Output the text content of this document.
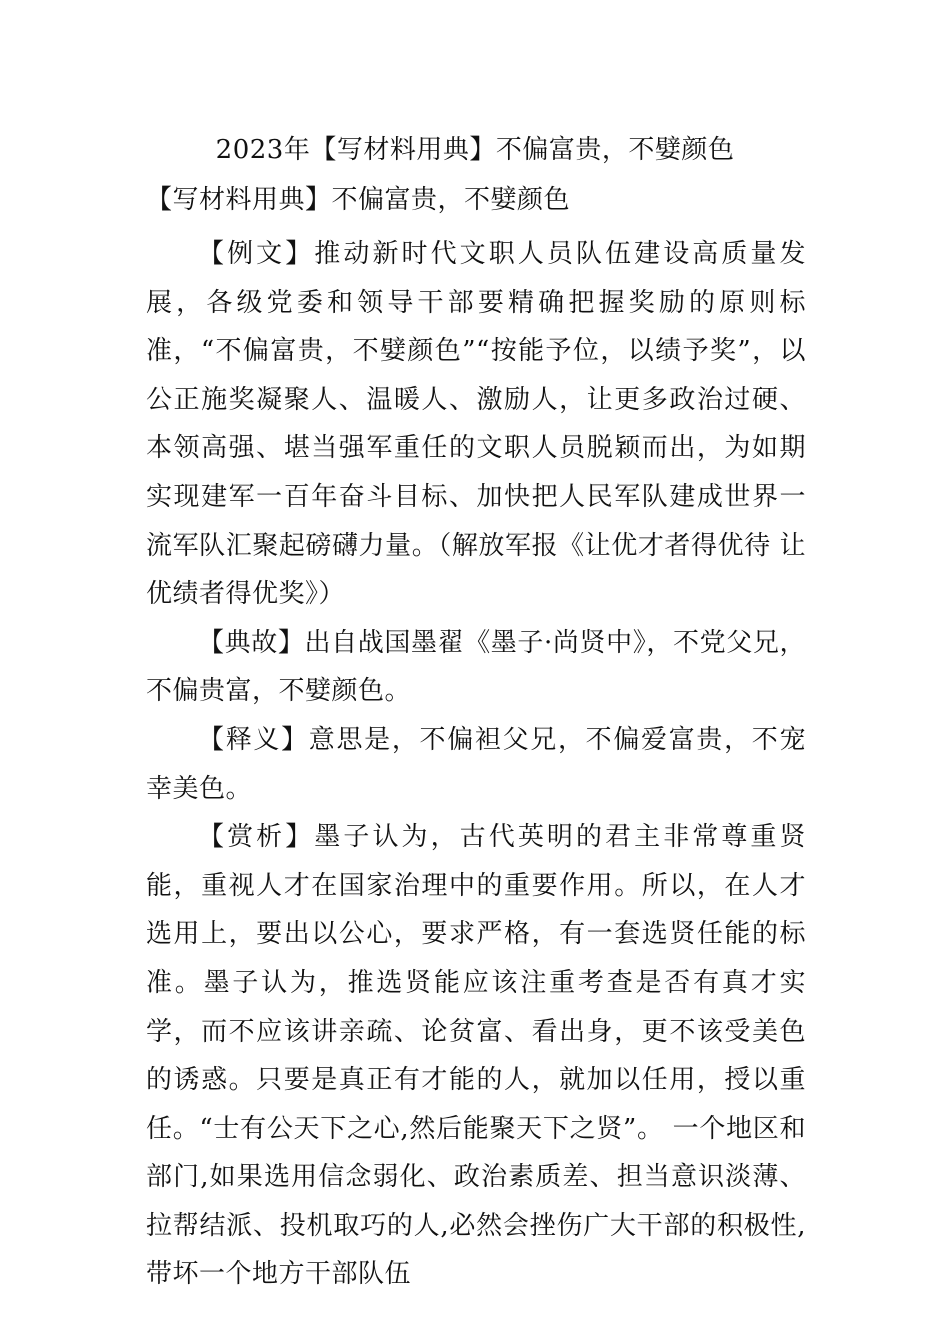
2023年【写材料用典】不偏富贵，不嬖颜色
【写材料用典】不偏富贵，不嬖颜色

【例文】推动新时代文职人员队伍建设高质量发展，各级党委和领导干部要精确把握奖励的原则标准，“不偏富贵，不嬖颜色”“按能予位，以绩予奖”，以公正施奖凝聚人、温暖人、激励人，让更多政治过硬、本领高强、堪当强军重任的文职人员脱颖而出，为如期实现建军一百年奋斗目标、加快把人民军队建成世界一流军队汇聚起磅礴力量。（解放军报《让优才者得优待 让优绩者得优奖》）

【典故】出自战国墨翟《墨子·尚贤中》，不党父兄，不偏贵富，不嬖颜色。

【释义】意思是，不偏袒父兄，不偏爱富贵，不宠幸美色。

【赏析】墨子认为，古代英明的君主非常尊重贤能，重视人才在国家治理中的重要作用。所以，在人才选用上，要出以公心，要求严格，有一套选贤任能的标准。墨子认为，推选贤能应该注重考查是否有真才实学，而不应该讲亲疏、论贫富、看出身，更不该受美色的诱惑。只要是真正有才能的人，就加以任用，授以重任。“士有公天下之心,然后能聚天下之贤”。 一个地区和部门,如果选用信念弱化、政治素质差、担当意识淡薄、拉帮结派、投机取巧的人,必然会挫伤广大干部的积极性,带坏一个地方干部队伍
